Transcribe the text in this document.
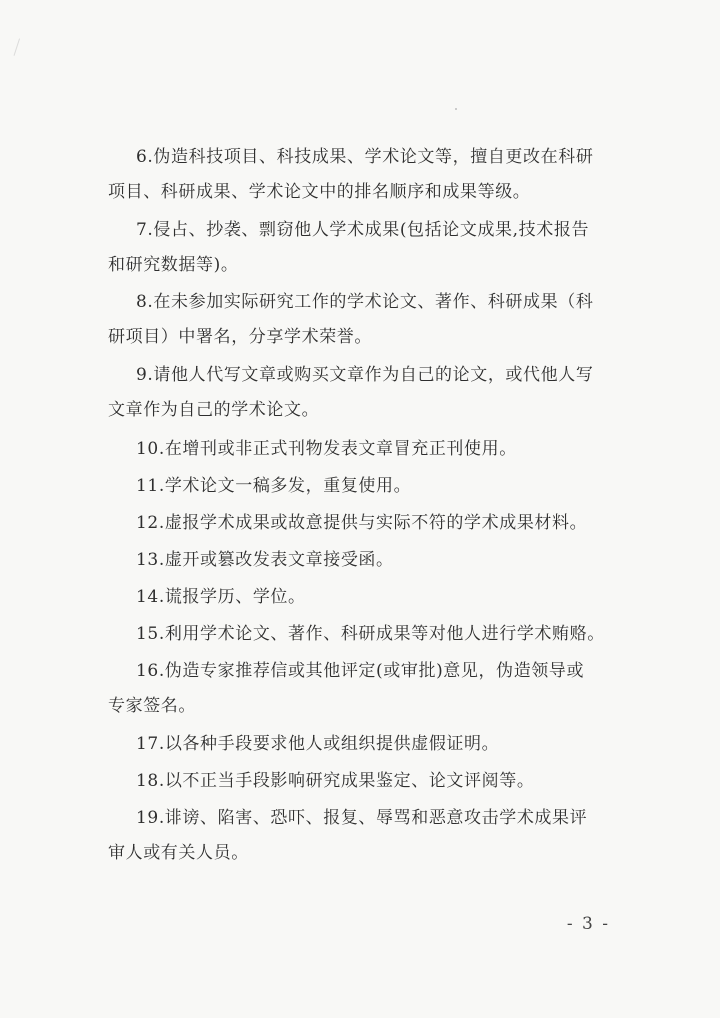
6.伪造科技项目、科技成果、学术论文等，擅自更改在科研
项目、科研成果、学术论文中的排名顺序和成果等级。
7.侵占、抄袭、剽窃他人学术成果(包括论文成果,技术报告
和研究数据等)。
8.在未参加实际研究工作的学术论文、著作、科研成果（科
研项目）中署名，分享学术荣誉。
9.请他人代写文章或购买文章作为自己的论文，或代他人写
文章作为自己的学术论文。
10.在增刊或非正式刊物发表文章冒充正刊使用。
11.学术论文一稿多发，重复使用。
12.虚报学术成果或故意提供与实际不符的学术成果材料。
13.虚开或篡改发表文章接受函。
14.谎报学历、学位。
15.利用学术论文、著作、科研成果等对他人进行学术贿赂。
16.伪造专家推荐信或其他评定(或审批)意见，伪造领导或
专家签名。
17.以各种手段要求他人或组织提供虚假证明。
18.以不正当手段影响研究成果鉴定、论文评阅等。
19.诽谤、陷害、恐吓、报复、辱骂和恶意攻击学术成果评
审人或有关人员。
- 3 -
